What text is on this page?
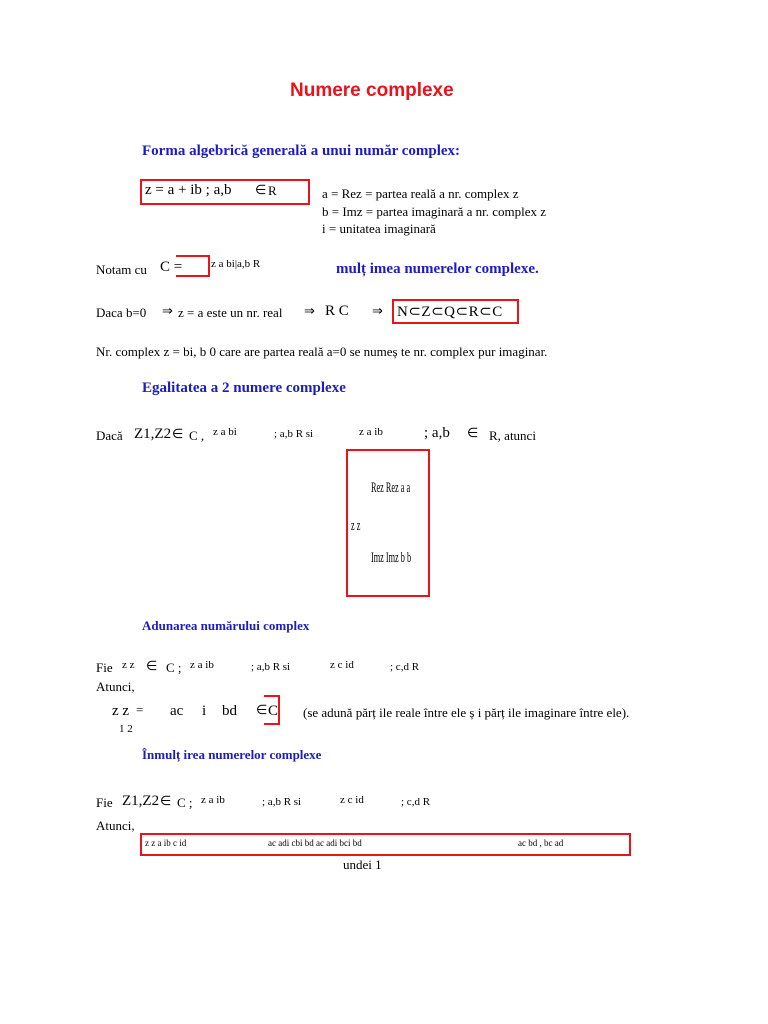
Numere complexe
Forma algebrică generală a unui număr complex:
z = a + ib ; a,b ∈ R	a = Rez = partea reală a nr. complex z
b = Imz = partea imaginară a nr. complex z
i = unitatea imaginară
Notam cu C =	z a bi|a,b R	mulț imea numerelor complexe.
Daca b=0 ⇒ z = a este un nr. real ⇒ R C ⇒ N⊂Z⊂Q⊂R⊂C
Nr. complex z = bi, b 0 care are partea reală a=0 se numeș te nr. complex pur imaginar.
Egalitatea a 2 numere complexe
Dacă Z1,Z2 ∈ C , z a bi	; a,b R si	z a ib	; a,b ∈ R, atunci
Rez Rez a a
z z
Imz Imz b b
Adunarea numărului complex
Fie z z ∈ C ; z a ib	; a,b R si	z c id	; c,d R
Atunci,
z z
1 2
= ac i bd ∈ C (se adună părț ile reale între ele ș i părț ile imaginare între ele).
Înmulț irea numerelor complexe
Fie Z1,Z2 ∈ C ; z a ib	; a,b R si	z c id	; c,d R
Atunci,
z z a ib c id	ac adi cbi bd ac adi bci bd	ac bd , bc ad
undei 1
